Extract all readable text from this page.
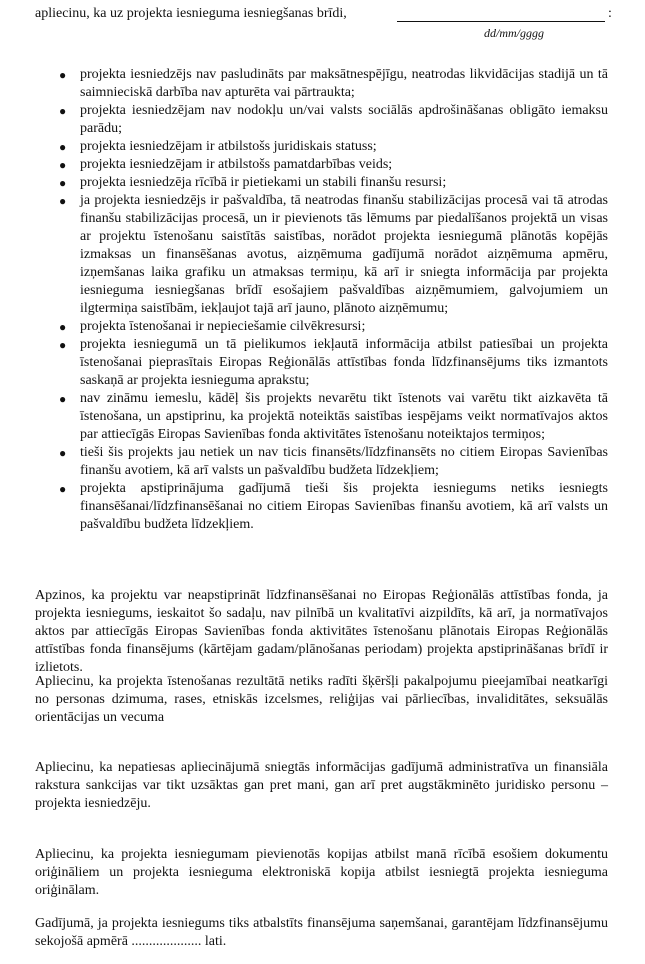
apliecinu, ka uz projekta iesnieguma iesniegšanas brīdi,	:
dd/mm/gggg
● projekta iesniedzējs nav pasludināts par maksātnespējīgu, neatrodas likvidācijas stadijā un tā saimnieciskā darbība nav apturēta vai pārtraukta;
● projekta iesniedzējam nav nodokļu un/vai valsts sociālās apdrošināšanas obligāto iemaksu parādu;
● projekta iesniedzējam ir atbilstošs juridiskais statuss;
● projekta iesniedzējam ir atbilstošs pamatdarbības veids;
● projekta iesniedzēja rīcībā ir pietiekami un stabili finanšu resursi;
● ja projekta iesniedzējs ir pašvaldība, tā neatrodas finanšu stabilizācijas procesā vai tā atrodas finanšu stabilizācijas procesā, un ir pievienots tās lēmums par piedalīšanos projektā un visas ar projektu īstenošanu saistītās saistības, norādot projekta iesniegumā plānotās kopējās izmaksas un finansēšanas avotus, aizņēmuma gadījumā norādot aizņēmuma apmēru, izņemšanas laika grafiku un atmaksas termiņu, kā arī ir sniegta informācija par projekta iesnieguma iesniegšanas brīdī esošajiem pašvaldības aizņēmumiem, galvojumiem un ilgtermiņa saistībām, iekļaujot tajā arī jauno, plānoto aizņēmumu;
● projekta īstenošanai ir nepieciešamie cilvēkresursi;
● projekta iesniegumā un tā pielikumos iekļautā informācija atbilst patiesībai un projekta īstenošanai pieprasītais Eiropas Reģionālās attīstības fonda līdzfinansējums tiks izmantots saskaņā ar projekta iesnieguma aprakstu;
● nav zināmu iemeslu, kādēļ šis projekts nevarētu tikt īstenots vai varētu tikt aizkavēta tā īstenošana, un apstiprinu, ka projektā noteiktās saistības iespējams veikt normatīvajos aktos par attiecīgās Eiropas Savienības fonda aktivitātes īstenošanu noteiktajos termiņos;
● tieši šis projekts jau netiek un nav ticis finansēts/līdzfinansēts no citiem Eiropas Savienības finanšu avotiem, kā arī valsts un pašvaldību budžeta līdzekļiem;
● projekta apstiprinājuma gadījumā tieši šis projekta iesniegums netiks iesniegts finansēšanai/līdzfinansēšanai no citiem Eiropas Savienības finanšu avotiem, kā arī valsts un pašvaldību budžeta līdzekļiem.
Apzinos, ka projektu var neapstiprināt līdzfinansēšanai no Eiropas Reģionālās attīstības fonda, ja projekta iesniegums, ieskaitot šo sadaļu, nav pilnībā un kvalitatīvi aizpildīts, kā arī, ja normatīvajos aktos par attiecīgās Eiropas Savienības fonda aktivitātes īstenošanu plānotais Eiropas Reģionālās attīstības fonda finansējums (kārtējam gadam/plānošanas periodam) projekta apstiprināšanas brīdī ir izlietots.
Apliecinu, ka projekta īstenošanas rezultātā netiks radīti šķēršļi pakalpojumu pieejamībai neatkarīgi no personas dzimuma, rases, etniskās izcelsmes, reliģijas vai pārliecības, invaliditātes, seksuālās orientācijas un vecuma
Apliecinu, ka nepatiesas apliecinājumā sniegtās informācijas gadījumā administratīva un finansiāla rakstura sankcijas var tikt uzsāktas gan pret mani, gan arī pret augstākminēto juridisko personu – projekta iesniedzēju.
Apliecinu, ka projekta iesniegumam pievienotās kopijas atbilst manā rīcībā esošiem dokumentu oriģināliem un projekta iesnieguma elektroniskā kopija atbilst iesniegtā projekta iesnieguma oriģinālam.
Gadījumā, ja projekta iesniegums tiks atbalstīts finansējuma saņemšanai, garantējam līdzfinansējumu sekojošā apmērā .................... lati.
